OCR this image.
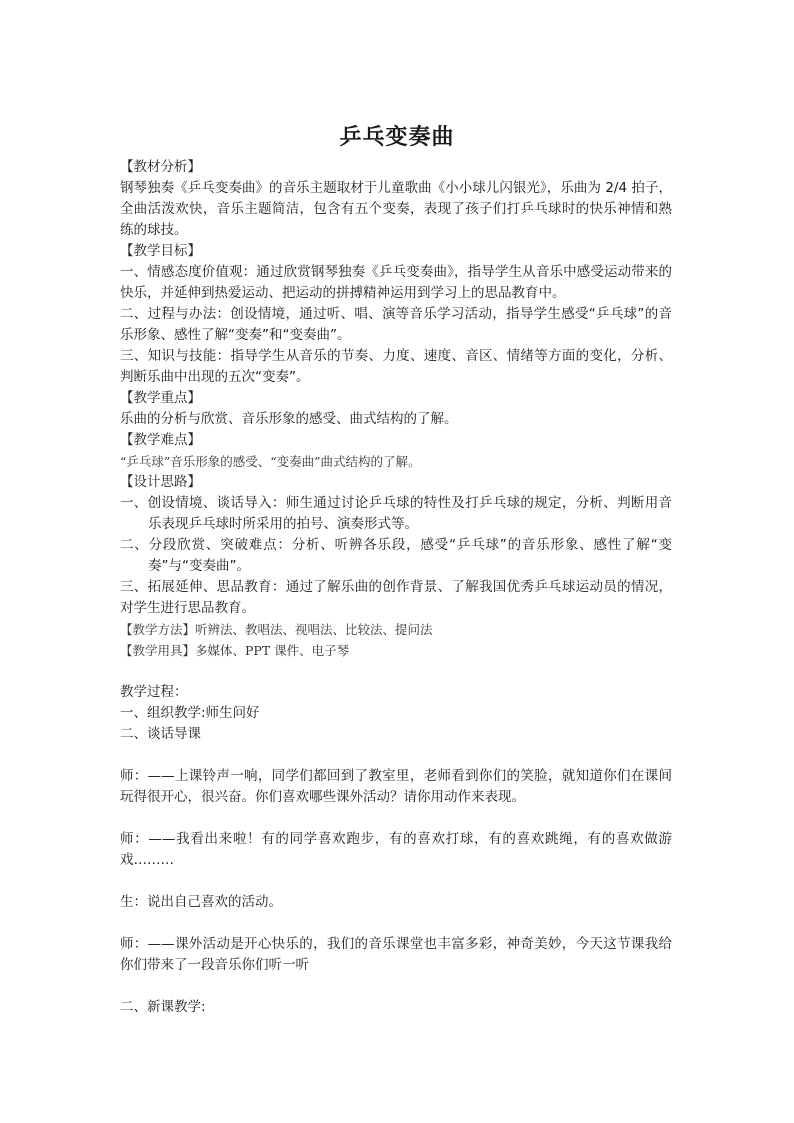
乒乓变奏曲

【教材分析】

钢琴独奏《乒乓变奏曲》的音乐主题取材于儿童歌曲《小小球儿闪银光》，乐曲为 2/4 拍子，全曲活泼欢快，音乐主题简洁，包含有五个变奏，表现了孩子们打乒乓球时的快乐神情和熟练的球技。

【教学目标】

一、情感态度价值观：通过欣赏钢琴独奏《乒乓变奏曲》，指导学生从音乐中感受运动带来的快乐，并延伸到热爱运动、把运动的拼搏精神运用到学习上的思品教育中。

二、过程与办法：创设情境，通过听、唱、演等音乐学习活动，指导学生感受“乒乓球”的音乐形象、感性了解“变奏”和“变奏曲”。

三、知识与技能：指导学生从音乐的节奏、力度、速度、音区、情绪等方面的变化，分析、判断乐曲中出现的五次“变奏”。

【教学重点】

乐曲的分析与欣赏、音乐形象的感受、曲式结构的了解。

【教学难点】

“乒乓球”音乐形象的感受、“变奏曲”曲式结构的了解。

【设计思路】

一、创设情境、谈话导入：师生通过讨论乒乓球的特性及打乒乓球的规定，分析、判断用音乐表现乒乓球时所采用的拍号、演奏形式等。

二、分段欣赏、突破难点：分析、听辨各乐段，感受“乒乓球”的音乐形象、感性了解“变奏”与“变奏曲”。

三、拓展延伸、思品教育：通过了解乐曲的创作背景、了解我国优秀乒乓球运动员的情况，对学生进行思品教育。

【教学方法】听辨法、教唱法、视唱法、比较法、提问法

【教学用具】多媒体、PPT 课件、电子琴

教学过程：

一、组织教学:师生问好

二、谈话导课

师：——上课铃声一响，同学们都回到了教室里，老师看到你们的笑脸，就知道你们在课间玩得很开心，很兴奋。你们喜欢哪些课外活动？请你用动作来表现。

师：——我看出来啦！有的同学喜欢跑步，有的喜欢打球，有的喜欢跳绳，有的喜欢做游戏………

生：说出自己喜欢的活动。

师：——课外活动是开心快乐的，我们的音乐课堂也丰富多彩，神奇美妙，今天这节课我给你们带来了一段音乐你们听一听

二、新课教学:
